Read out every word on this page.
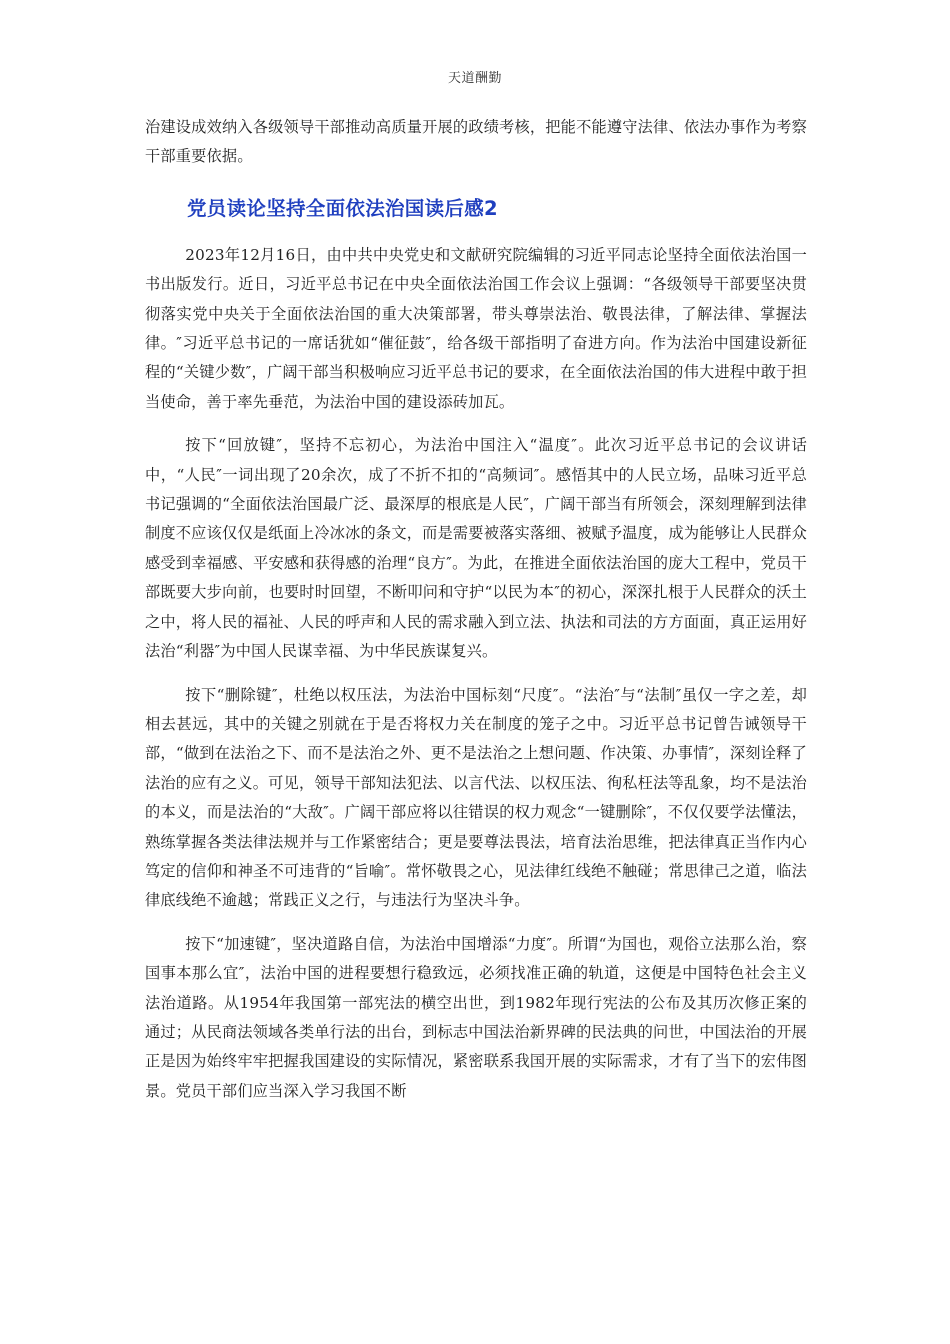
天道酬勤

治建设成效纳入各级领导干部推动高质量开展的政绩考核，把能不能遵守法律、依法办事作为考察干部重要依据。

党员读论坚持全面依法治国读后感2

2023年12月16日，由中共中央党史和文献研究院编辑的习近平同志论坚持全面依法治国一书出版发行。近日，习近平总书记在中央全面依法治国工作会议上强调：“各级领导干部要坚决贯彻落实党中央关于全面依法治国的重大决策部署，带头尊崇法治、敬畏法律，了解法律、掌握法律。″习近平总书记的一席话犹如“催征鼓″，给各级干部指明了奋进方向。作为法治中国建设新征程的“关键少数″，广阔干部当积极响应习近平总书记的要求，在全面依法治国的伟大进程中敢于担当使命，善于率先垂范，为法治中国的建设添砖加瓦。

按下“回放键″，坚持不忘初心，为法治中国注入“温度″。此次习近平总书记的会议讲话中，“人民″一词出现了20余次，成了不折不扣的“高频词″。感悟其中的人民立场，品味习近平总书记强调的“全面依法治国最广泛、最深厚的根底是人民″，广阔干部当有所领会，深刻理解到法律制度不应该仅仅是纸面上冷冰冰的条文，而是需要被落实落细、被赋予温度，成为能够让人民群众感受到幸福感、平安感和获得感的治理“良方″。为此，在推进全面依法治国的庞大工程中，党员干部既要大步向前，也要时时回望，不断叩问和守护“以民为本″的初心，深深扎根于人民群众的沃土之中，将人民的福祉、人民的呼声和人民的需求融入到立法、执法和司法的方方面面，真正运用好法治“利器″为中国人民谋幸福、为中华民族谋复兴。

按下“删除键″，杜绝以权压法，为法治中国标刻“尺度″。“法治″与“法制″虽仅一字之差，却相去甚远，其中的关键之别就在于是否将权力关在制度的笼子之中。习近平总书记曾告诫领导干部，“做到在法治之下、而不是法治之外、更不是法治之上想问题、作决策、办事情″，深刻诠释了法治的应有之义。可见，领导干部知法犯法、以言代法、以权压法、徇私枉法等乱象，均不是法治的本义，而是法治的“大敌″。广阔干部应将以往错误的权力观念“一键删除″，不仅仅要学法懂法，熟练掌握各类法律法规并与工作紧密结合；更是要尊法畏法，培育法治思维，把法律真正当作内心笃定的信仰和神圣不可违背的“旨喻″。常怀敬畏之心，见法律红线绝不触碰；常思律己之道，临法律底线绝不逾越；常践正义之行，与违法行为坚决斗争。

按下“加速键″，坚决道路自信，为法治中国增添“力度″。所谓“为国也，观俗立法那么治，察国事本那么宜″，法治中国的进程要想行稳致远，必须找准正确的轨道，这便是中国特色社会主义法治道路。从1954年我国第一部宪法的横空出世，到1982年现行宪法的公布及其历次修正案的通过；从民商法领域各类单行法的出台，到标志中国法治新界碑的民法典的问世，中国法治的开展正是因为始终牢牢把握我国建设的实际情况，紧密联系我国开展的实际需求，才有了当下的宏伟图景。党员干部们应当深入学习我国不断
